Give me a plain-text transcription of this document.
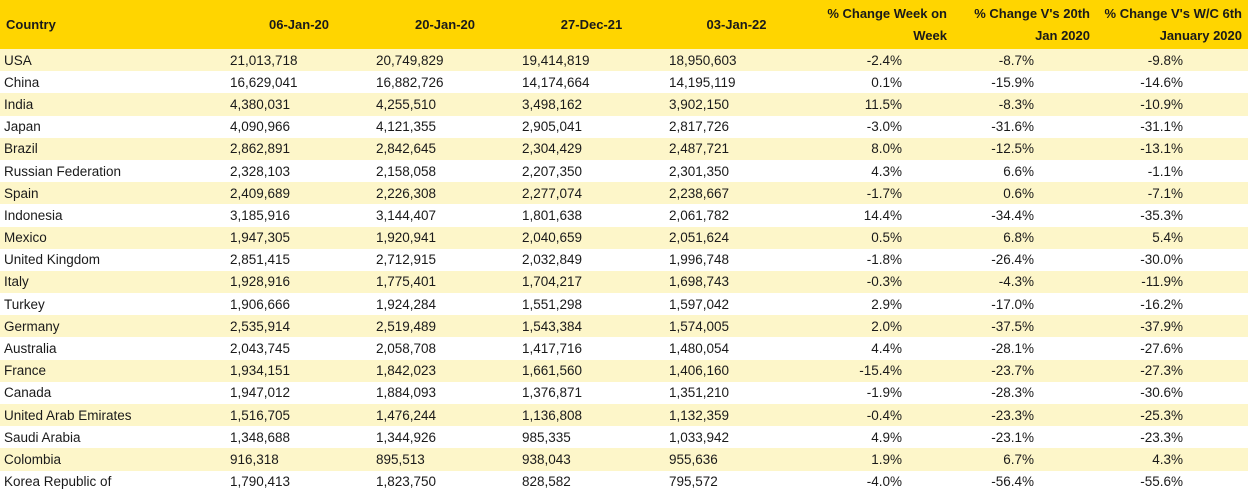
Country	06-Jan-20	20-Jan-20	27-Dec-21	03-Jan-22	% Change Week on Week	% Change V's 20th Jan 2020	% Change V's W/C 6th January 2020
USA	21,013,718	20,749,829	19,414,819	18,950,603	-2.4%	-8.7%	-9.8%
China	16,629,041	16,882,726	14,174,664	14,195,119	0.1%	-15.9%	-14.6%
India	4,380,031	4,255,510	3,498,162	3,902,150	11.5%	-8.3%	-10.9%
Japan	4,090,966	4,121,355	2,905,041	2,817,726	-3.0%	-31.6%	-31.1%
Brazil	2,862,891	2,842,645	2,304,429	2,487,721	8.0%	-12.5%	-13.1%
Russian Federation	2,328,103	2,158,058	2,207,350	2,301,350	4.3%	6.6%	-1.1%
Spain	2,409,689	2,226,308	2,277,074	2,238,667	-1.7%	0.6%	-7.1%
Indonesia	3,185,916	3,144,407	1,801,638	2,061,782	14.4%	-34.4%	-35.3%
Mexico	1,947,305	1,920,941	2,040,659	2,051,624	0.5%	6.8%	5.4%
United Kingdom	2,851,415	2,712,915	2,032,849	1,996,748	-1.8%	-26.4%	-30.0%
Italy	1,928,916	1,775,401	1,704,217	1,698,743	-0.3%	-4.3%	-11.9%
Turkey	1,906,666	1,924,284	1,551,298	1,597,042	2.9%	-17.0%	-16.2%
Germany	2,535,914	2,519,489	1,543,384	1,574,005	2.0%	-37.5%	-37.9%
Australia	2,043,745	2,058,708	1,417,716	1,480,054	4.4%	-28.1%	-27.6%
France	1,934,151	1,842,023	1,661,560	1,406,160	-15.4%	-23.7%	-27.3%
Canada	1,947,012	1,884,093	1,376,871	1,351,210	-1.9%	-28.3%	-30.6%
United Arab Emirates	1,516,705	1,476,244	1,136,808	1,132,359	-0.4%	-23.3%	-25.3%
Saudi Arabia	1,348,688	1,344,926	985,335	1,033,942	4.9%	-23.1%	-23.3%
Colombia	916,318	895,513	938,043	955,636	1.9%	6.7%	4.3%
Korea Republic of	1,790,413	1,823,750	828,582	795,572	-4.0%	-56.4%	-55.6%
